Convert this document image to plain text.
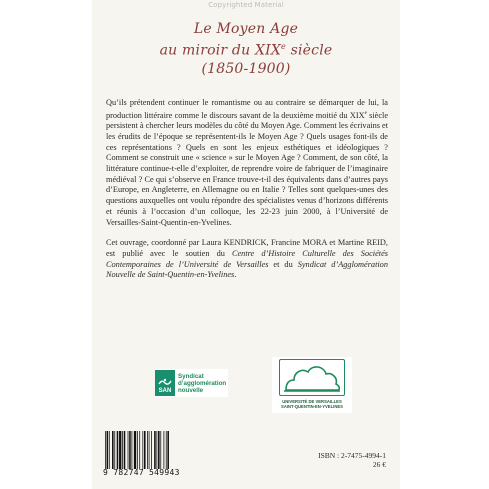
Copyrighted Material
Le Moyen Age
au miroir du XIXe siècle
(1850-1900)

Qu’ils prétendent continuer le romantisme ou au contraire se démarquer de lui, la production littéraire comme le discours savant de la deuxième moitié du XIXe siècle persistent à chercher leurs modèles du côté du Moyen Age. Comment les écrivains et les érudits de l’époque se représentent-ils le Moyen Age ? Quels usages font-ils de ces représentations ? Quels en sont les enjeux esthétiques et idéologiques ? Comment se construit une « science » sur le Moyen Age ? Comment, de son côté, la littérature continue-t-elle d’exploiter, de reprendre voire de fabriquer de l’imaginaire médiéval ? Ce qui s’observe en France trouve-t-il des équivalents dans d’autres pays d’Europe, en Angleterre, en Allemagne ou en Italie ? Telles sont quelques-unes des questions auxquelles ont voulu répondre des spécialistes venus d’horizons différents et réunis à l’occasion d’un colloque, les 22-23 juin 2000, à l’Université de Versailles-Saint-Quentin-en-Yvelines.

Cet ouvrage, coordonné par Laura KENDRICK, Francine MORA et Martine REID, est publié avec le soutien du Centre d’Histoire Culturelle des Sociétés Contemporaines de l’Université de Versailles et du Syndicat d’Agglomération Nouvelle de Saint-Quentin-en-Yvelines.

SAN
Syndicat
d’agglomération
nouvelle
UNIVERSITÉ DE VERSAILLES
SAINT-QUENTIN-EN-YVELINES
9 782747 549943
ISBN : 2-7475-4994-1
26 €
